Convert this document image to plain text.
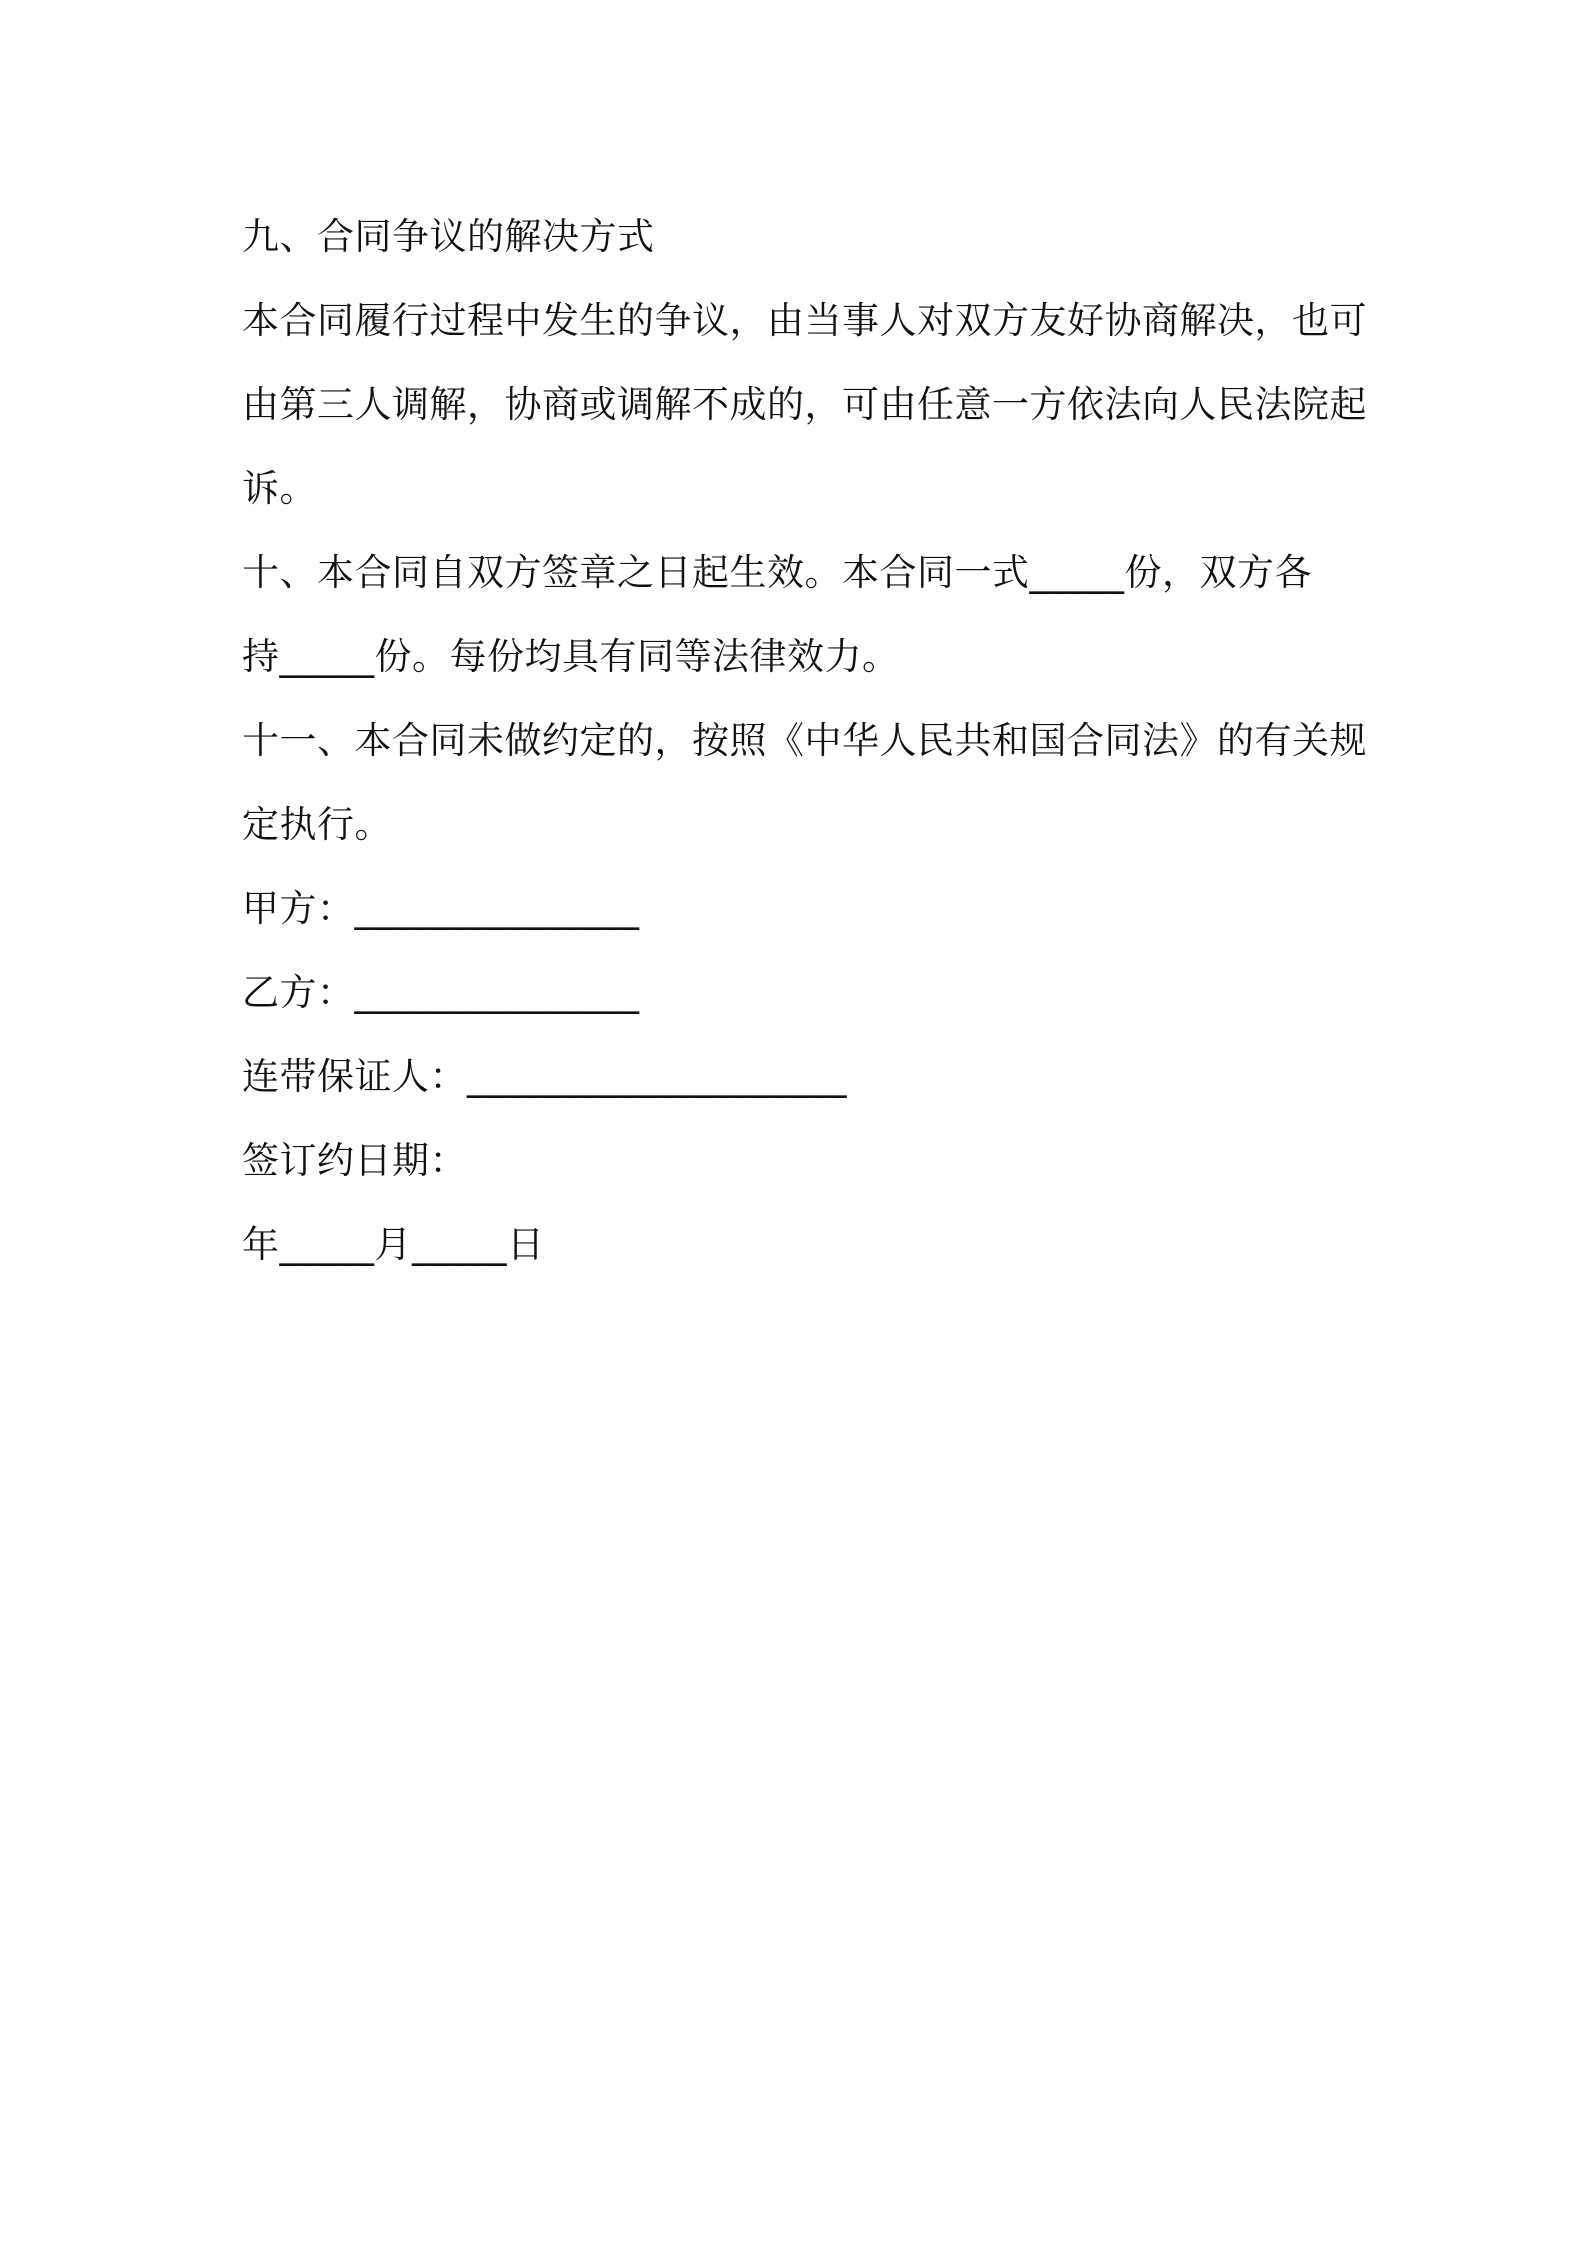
九、合同争议的解决方式
本合同履行过程中发生的争议，由当事人对双方友好协商解决，也可
由第三人调解，协商或调解不成的，可由任意一方依法向人民法院起
诉。
十、本合同自双方签章之日起生效。本合同一式_____份，双方各
持_____份。每份均具有同等法律效力。
十一、本合同未做约定的，按照《中华人民共和国合同法》的有关规
定执行。
甲方：_______________
乙方：_______________
连带保证人：____________________
签订约日期：
年_____月_____日
